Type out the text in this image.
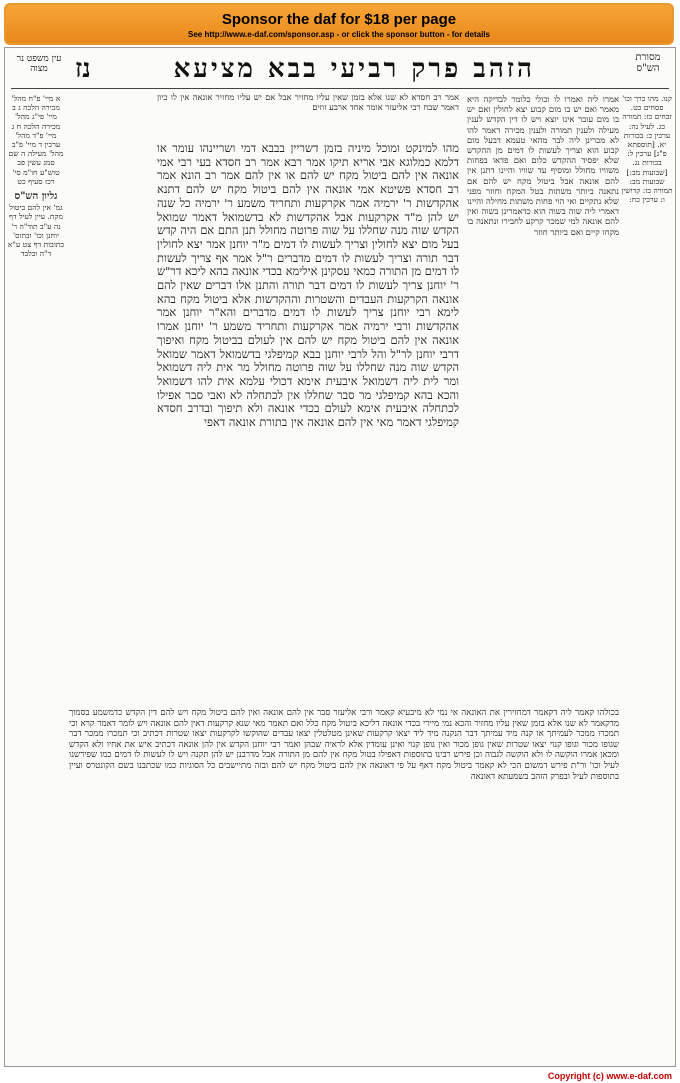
Sponsor the daf for $18 per page
See http://www.e-daf.com/sponsor.asp - or click the sponsor button - for details
מסורת הש"ס
הזהב פרק רביעי בבא מציעא
נז
עין משפט נר מצוה

קנו. מהו כרך וכו' פסחים כט. זבחים כז: תמורה כג. לעיל נה: ערכין כ: בכורות יא. [תוספתא פ"ג] ערכין ל: בכורות נג. [שבועות מב:] שבועות מב: תמורה כז: קדושין ו: ערכין כח:

אמרו ליה ואמרו לו וכולי כלומר לבדיקה היא מאמר ואם יש בו מום קבוע יצא לחולין ואם יש בו מום עובר אינו יוצא ויש לו דין הקדש לענין מעילה ולענין תמורה ולענין מכירה דאמר להו לא מכרינן ליה לבר מהאי טעמא דבעל מום קבוע הוא וצריך לעשות לו דמים מן ההקדש שלא יפסיד ההקדש כלום ואם פדאו בפחות משוויו מחולל ומוסיף עד שוויו והיינו דתנן אין להם אונאה אבל ביטול מקח יש להם אם נתאנה ביותר משתות בטל המקח וחוזר מפני שלא נתקיים ואי הוי פחות משתות מחילה והיינו דאמרי ליה שוה בשוה הוא כדאמרינן בשוה ואין להם אונאה למי שמכר קרקע לחבירו ונתאנה בו מקחו קיים ואם ביותר חוזר

אמר רב חסדא לא שנו אלא בזמן שאין עליו מחזיר אבל אם יש עליו מחזיר אונאה אין לו כיון דאמר שבח רבי אליעזר אומר אחד ארבע זוזים

מהו למינקט ומוכל מיניה בזמן דשריין בבבא דמי ושריינהו עומר או דלמא כמלוגא אבי אריא תיקו אמר רבא אמר רב חסדא בעי רבי אמי אונאה אין להם ביטול מקח יש להם או אין להם אמר רב הונא אמר רב חסדא פשיטא אמי אונאה אין להם ביטול מקח יש להם דתנא אהקדשות ר' ירמיה אמר אקרקעות ותחריד משמע ר' ירמיה כל שנה יש להן מ"ד אקרקעות אבל אהקדשות לא בדשמואל דאמר שמואל הקדש שוה מנה שחללו על שוה פרוטה מחולל תנן התם אם היה קדש בעל מום יצא לחולין וצריך לעשות לו דמים מ"ר יוחנן אמר יצא לחולין דבר תורה וצריך לעשות לו דמים מדברים ר"ל אמר אף צריך לעשות לו דמים מן התורה כמאי עסקינן אילימא בכדי אונאה בהא ליכא דר"ש ר' יוחנן צריך לעשות לו דמים דבר תורה והתנן אלו דברים שאין להם אונאה הקרקעות העבדים והשטרות וההקדשות אלא ביטול מקח בהא לימא רבי יוחנן צריך לעשות לו דמים מדברים והא"ר יוחנן אמר אהקדשות ורבי ירמיה אמר אקרקעות ותחריד משמע ר' יוחנן אמרו אונאה אין להם ביטול מקח יש להם אין לעולם בביטול מקח ואיפוך דרבי יוחנן לר"ל והל לרבי יוחנן בבא קמיפלגי בדשמואל דאמר שמואל הקדש שוה מנה שחללו על שוה פרוטה מחולל מר אית ליה דשמואל ומר לית ליה דשמואל איבעית אימא דכולי עלמא אית להו דשמואל והכא בהא קמיפלגי מר סבר שחללו אין לכתחלה לא ואבי סבר אפילו לכתחלה איבעית אימא לעולם בכדי אונאה ולא תיפוך ובדרב חסדא קמיפלגי דאמר מאי אין להם אונאה אין בתורת אונאה דאפי

א מיי' פ"ח מהל' מכירה הלכה ג ב מיי' פי"ג מהל' מכירה הלכה ח ג מיי' פ"ד מהל' ערכין ד מיי' פ"ב מהל' מעילה ה שם סמג עשין פב טוש"ע חו"מ סי' רכז סעיף כט

גליון הש"ס

גמ' אין להם ביטול מקח. עיין לעיל דף נה ע"ב תוד"ה ר' יוחנן וכו' ובתוס' כתובות דף צט ע"א ד"ה ובלבד

בכולהו קאמר ליה דקאמר דמחזירין את האונאה אי נמי לא מיבעיא קאמר ורבי אליעזר סבר אין להם אונאה ואין להם ביטול מקח ויש להם דין הקדש כדמשמע בסמוך מדקאמר לא שנו אלא בזמן שאין עליו מחזיר והכא נמי מיירי בכדי אונאה דליכא ביטול מקח כלל ואם תאמר מאי שנא קרקעות דאין להם אונאה ויש לומר דאמר קרא וכי תמכרו ממכר לעמיתך או קנה מיד עמיתך דבר הנקנה מיד ליד יצאו קרקעות שאינן מטלטלין יצאו עבדים שהוקשו לקרקעות יצאו שטרות דכתיב וכי תמכרו ממכר דבר שגופו מכור וגופו קנוי יצאו שטרות שאין גופן מכור ואין גופן קנוי ואינן עומדין אלא לראיה שבהן ואמר רבי יוחנן הקדש אין להן אונאה דכתיב איש את אחיו ולא הקדש ומכאן אמרו הוקשה לו ולא הוקשה לגבוה וכן פירש רבינו בתוספות דאפילו בטול מקח אין להם מן התורה אבל מדרבנן יש להן תקנה ויש לו לעשות לו דמים כמו שפירשנו לעיל וכו' ור"ת פירש דמשום הכי לא קאמר ביטול מקח דאף על פי דאונאה אין להם ביטול מקח יש להם ובזה מתיישבים כל הסוגיות כמו שכתבנו בשם הקונטרס ועיין בתוספות לעיל ובפרק הזהב בשמעתא דאונאה

Copyright (c) www.e-daf.com
